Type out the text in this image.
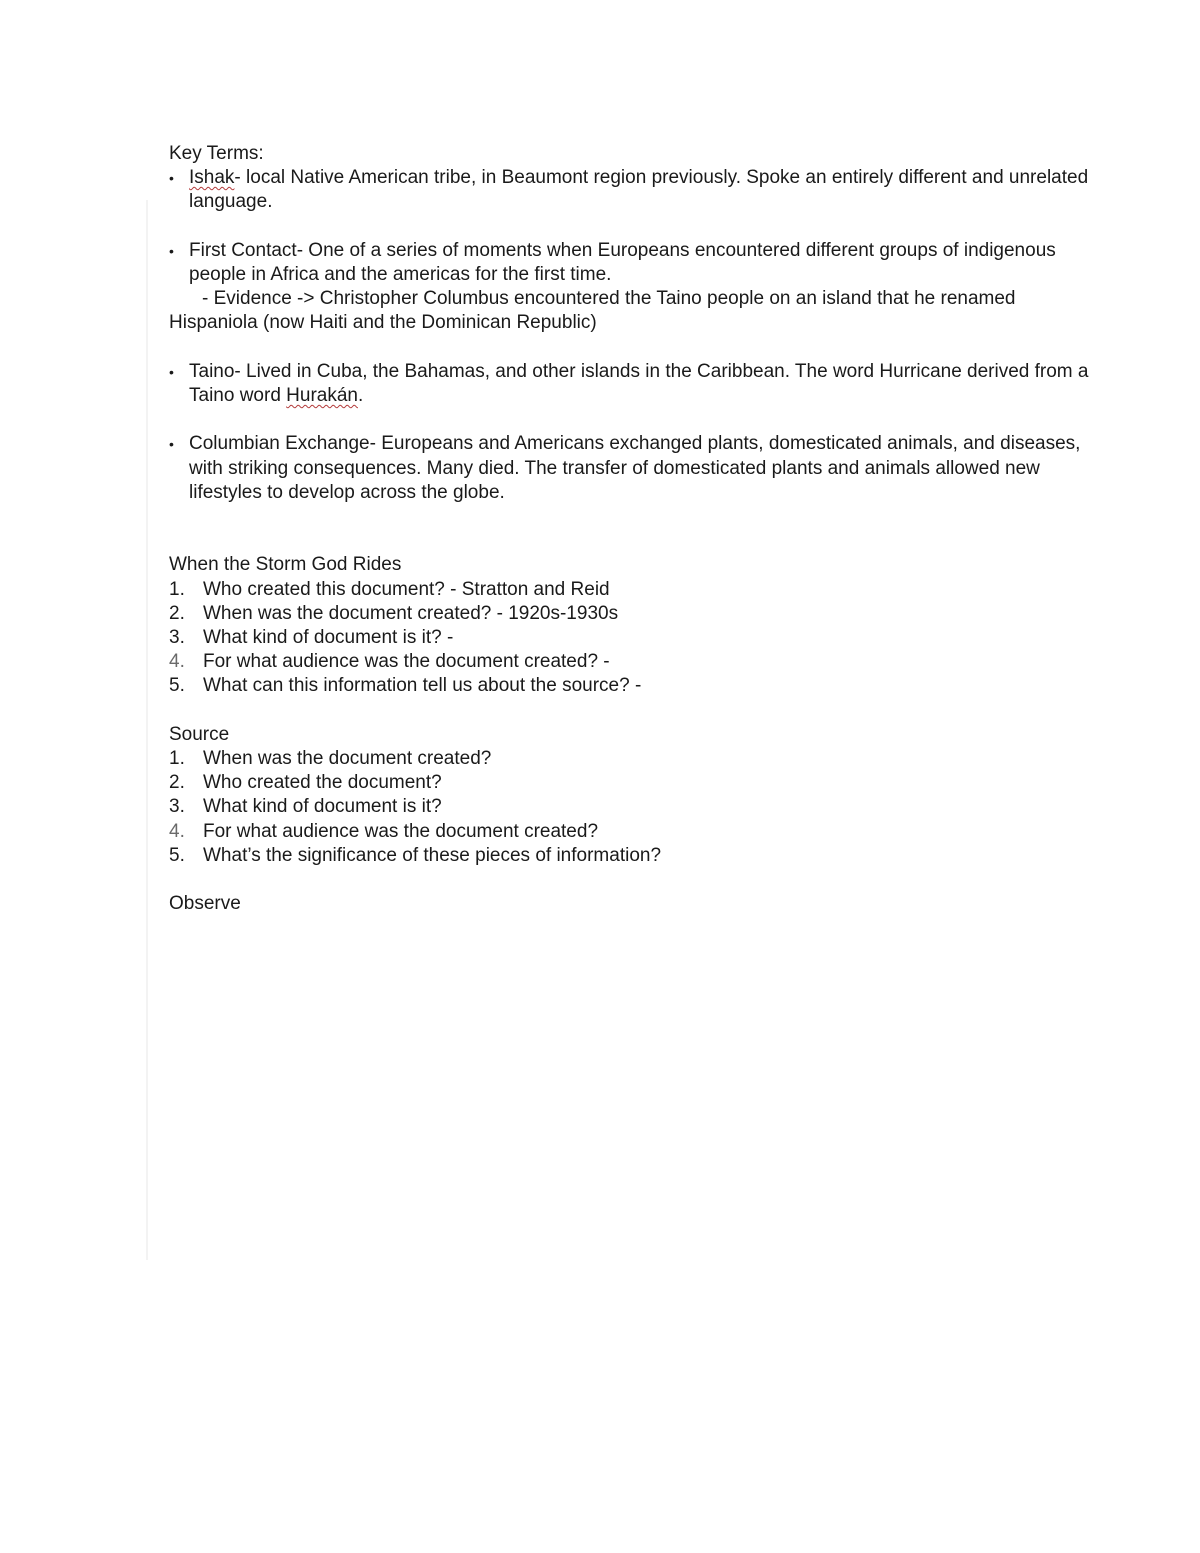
Key Terms:
• Ishak- local Native American tribe, in Beaumont region previously. Spoke an entirely different and unrelated language.
• First Contact- One of a series of moments when Europeans encountered different groups of indigenous people in Africa and the americas for the first time.
- Evidence -> Christopher Columbus encountered the Taino people on an island that he renamed Hispaniola (now Haiti and the Dominican Republic)
• Taino- Lived in Cuba, the Bahamas, and other islands in the Caribbean. The word Hurricane derived from a Taino word Hurakán.
• Columbian Exchange- Europeans and Americans exchanged plants, domesticated animals, and diseases, with striking consequences. Many died. The transfer of domesticated plants and animals allowed new lifestyles to develop across the globe.
When the Storm God Rides
1. Who created this document? - Stratton and Reid
2. When was the document created? - 1920s-1930s
3. What kind of document is it? -
4. For what audience was the document created? -
5. What can this information tell us about the source? -
Source
1. When was the document created?
2. Who created the document?
3. What kind of document is it?
4. For what audience was the document created?
5. What’s the significance of these pieces of information?
Observe
